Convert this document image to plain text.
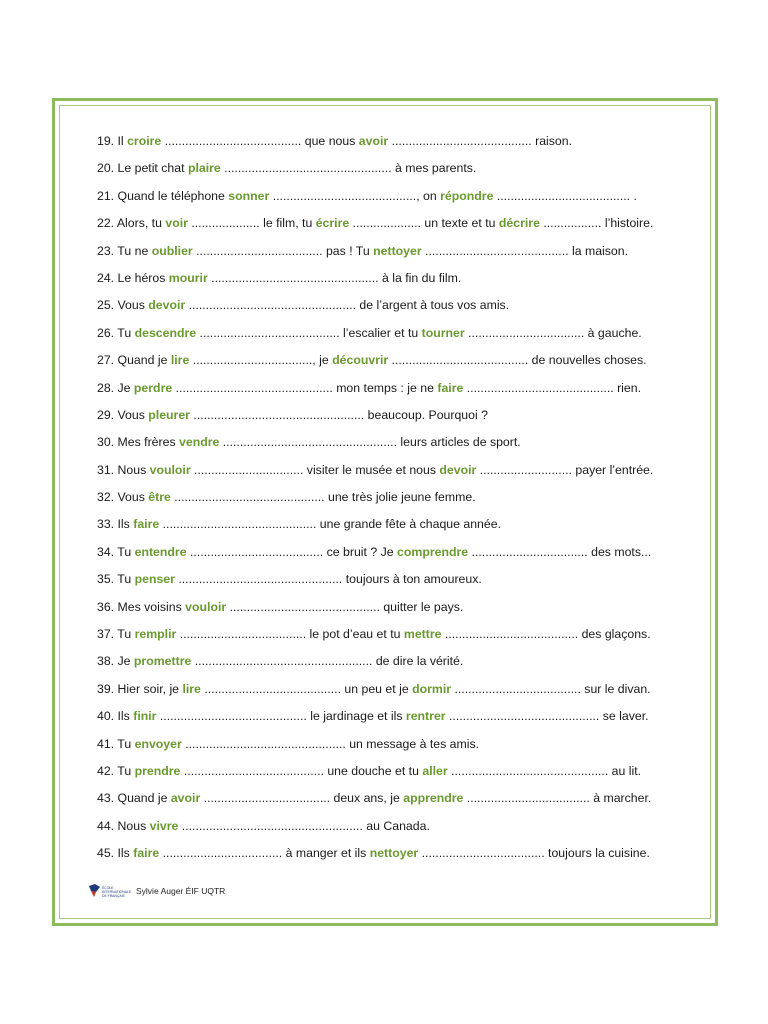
19. Il croire ........................................ que nous avoir ......................................... raison.
20. Le petit chat plaire ................................................. à mes parents.
21. Quand le téléphone sonner .........................................., on répondre ....................................... .
22. Alors, tu voir .................... le film, tu écrire .................... un texte et tu décrire ................. l’histoire.
23. Tu ne oublier ..................................... pas ! Tu nettoyer .......................................... la maison.
24. Le héros mourir ................................................. à la fin du film.
25. Vous devoir ................................................. de l’argent à tous vos amis.
26. Tu descendre ......................................... l’escalier et tu tourner .................................. à gauche.
27. Quand je lire ..................................., je découvrir ........................................ de nouvelles choses.
28. Je perdre .............................................. mon temps : je ne faire ........................................... rien.
29. Vous pleurer .................................................. beaucoup. Pourquoi ?
30. Mes frères vendre ................................................... leurs articles de sport.
31. Nous vouloir ................................ visiter le musée et nous devoir ........................... payer l’entrée.
32. Vous être ............................................ une très jolie jeune femme.
33. Ils faire ............................................. une grande fête à chaque année.
34. Tu entendre ....................................... ce bruit ? Je comprendre .................................. des mots...
35. Tu penser ................................................ toujours à ton amoureux.
36. Mes voisins vouloir ............................................ quitter le pays.
37. Tu remplir ..................................... le pot d’eau et tu mettre ....................................... des glaçons.
38. Je promettre .................................................... de dire la vérité.
39. Hier soir, je lire ........................................ un peu et je dormir ..................................... sur le divan.
40. Ils finir ........................................... le jardinage et ils rentrer ............................................ se laver.
41. Tu envoyer ............................................... un message à tes amis.
42. Tu prendre ......................................... une douche et tu aller .............................................. au lit.
43. Quand je avoir ..................................... deux ans, je apprendre .................................... à marcher.
44. Nous vivre ..................................................... au Canada.
45. Ils faire ................................... à manger et ils nettoyer .................................... toujours la cuisine.
ÉCOLE
INTERNATIONALE
DE FRANÇAIS Sylvie Auger ÉIF UQTR
